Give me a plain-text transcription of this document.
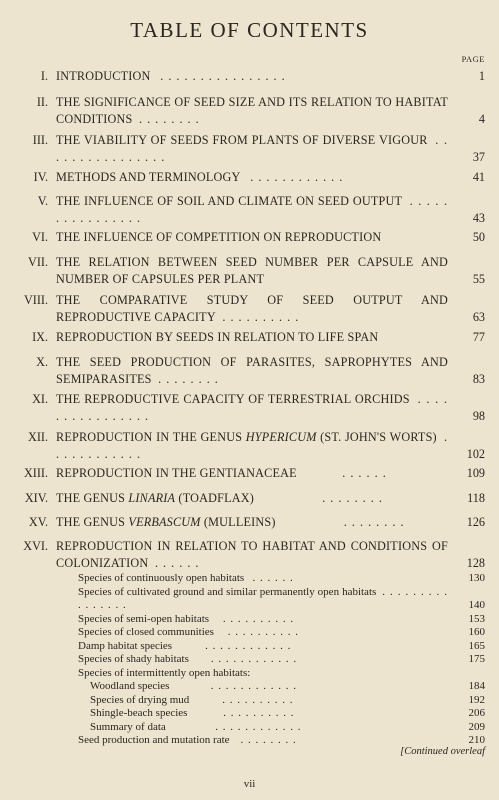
TABLE OF CONTENTS
PAGE
I. INTRODUCTION . . . . . . . . . . . . . . . .	1
II. THE SIGNIFICANCE OF SEED SIZE AND ITS RELATION TO HABITAT CONDITIONS . . . . . . . .	4
III. THE VIABILITY OF SEEDS FROM PLANTS OF DIVERSE VIGOUR . . . . . . . . . . . . . . . .	37
IV. METHODS AND TERMINOLOGY . . . . . . . . . . . .	41
V. THE INFLUENCE OF SOIL AND CLIMATE ON SEED OUTPUT . . . . . . . . . . . . . . . .	43
VI. THE INFLUENCE OF COMPETITION ON REPRODUCTION	50
VII. THE RELATION BETWEEN SEED NUMBER PER CAPSULE AND NUMBER OF CAPSULES PER PLANT	55
VIII. THE COMPARATIVE STUDY OF SEED OUTPUT AND REPRODUCTIVE CAPACITY . . . . . . . . . .	63
IX. REPRODUCTION BY SEEDS IN RELATION TO LIFE SPAN	77
X. THE SEED PRODUCTION OF PARASITES, SAPROPHYTES AND SEMIPARASITES . . . . . . . .	83
XI. THE REPRODUCTIVE CAPACITY OF TERRESTRIAL ORCHIDS . . . . . . . . . . . . . . . .	98
XII. REPRODUCTION IN THE GENUS HYPERICUM (ST. JOHN'S WORTS) . . . . . . . . . . . .	102
XIII. REPRODUCTION IN THE GENTIANACEAE	. . . . . .	109
XIV. THE GENUS LINARIA (TOADFLAX)	. . . . . . . .	118
XV. THE GENUS VERBASCUM (MULLEINS)	. . . . . . . .	126
XVI. REPRODUCTION IN RELATION TO HABITAT AND CONDITIONS OF COLONIZATION . . . . . .	128
Species of continuously open habitats . . . . . .	130
Species of cultivated ground and similar permanently open habitats . . . . . . . . . . . . . . . .	140
Species of semi-open habitats . . . . . . . . . .	153
Species of closed communities . . . . . . . . . .	160
Damp habitat species	. . . . . . . . . . . .	165
Species of shady habitats . . . . . . . . . . . .	175
Species of intermittently open habitats:
Woodland species	. . . . . . . . . . . .	184
Species of drying mud	. . . . . . . . . .	192
Shingle-beach species	. . . . . . . . . .	206
Summary of data	. . . . . . . . . . . .	209
Seed production and mutation rate . . . . . . . .	210
[Continued overleaf
vii
